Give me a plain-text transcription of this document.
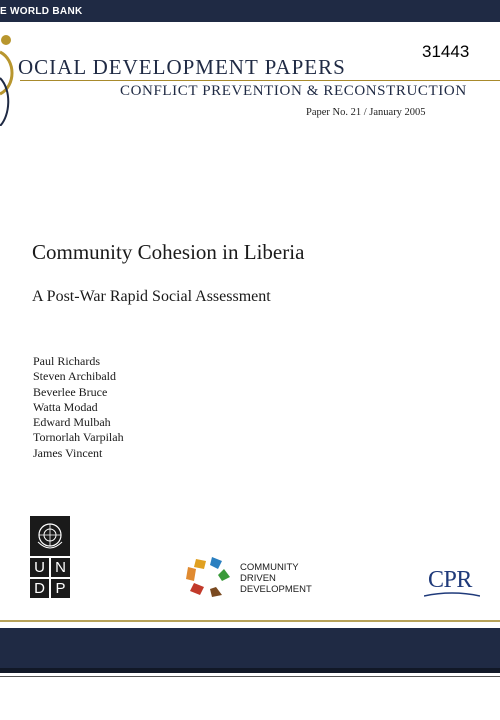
E WORLD BANK
31443
OCIAL DEVELOPMENT PAPERS
CONFLICT PREVENTION & RECONSTRUCTION
Paper No. 21 / January 2005
Community Cohesion in Liberia
A Post-War Rapid Social Assessment
Paul Richards
Steven Archibald
Beverlee Bruce
Watta Modad
Edward Mulbah
Tornorlah Varpilah
James Vincent
U N
D P
COMMUNITY
DRIVEN
DEVELOPMENT	CPR
